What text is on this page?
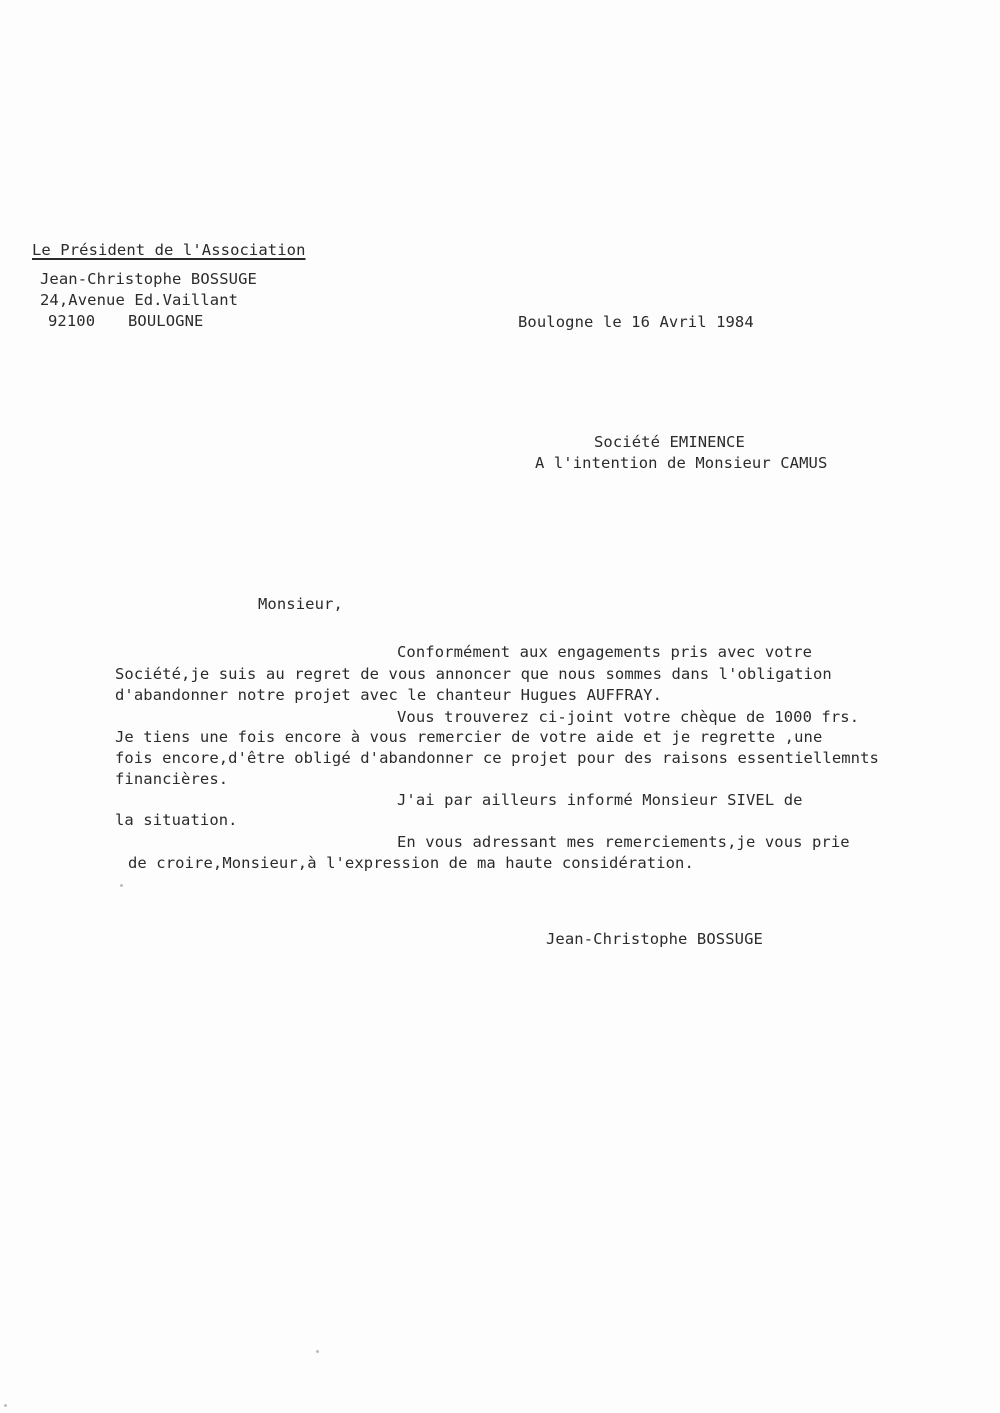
Le Président de l'Association
Jean-Christophe BOSSUGE
24,Avenue Ed.Vaillant
92100 BOULOGNE	Boulogne le 16 Avril 1984
Société EMINENCE
A l'intention de Monsieur CAMUS
Monsieur,
Conformément aux engagements pris avec votre
Société,je suis au regret de vous annoncer que nous sommes dans l'obligation
d'abandonner notre projet avec le chanteur Hugues AUFFRAY.
Vous trouverez ci-joint votre chèque de 1000 frs.
Je tiens une fois encore à vous remercier de votre aide et je regrette ,une
fois encore,d'être obligé d'abandonner ce projet pour des raisons essentiellemnts
financières.
J'ai par ailleurs informé Monsieur SIVEL de
la situation.
En vous adressant mes remerciements,je vous prie
de croire,Monsieur,à l'expression de ma haute considération.
Jean-Christophe BOSSUGE
